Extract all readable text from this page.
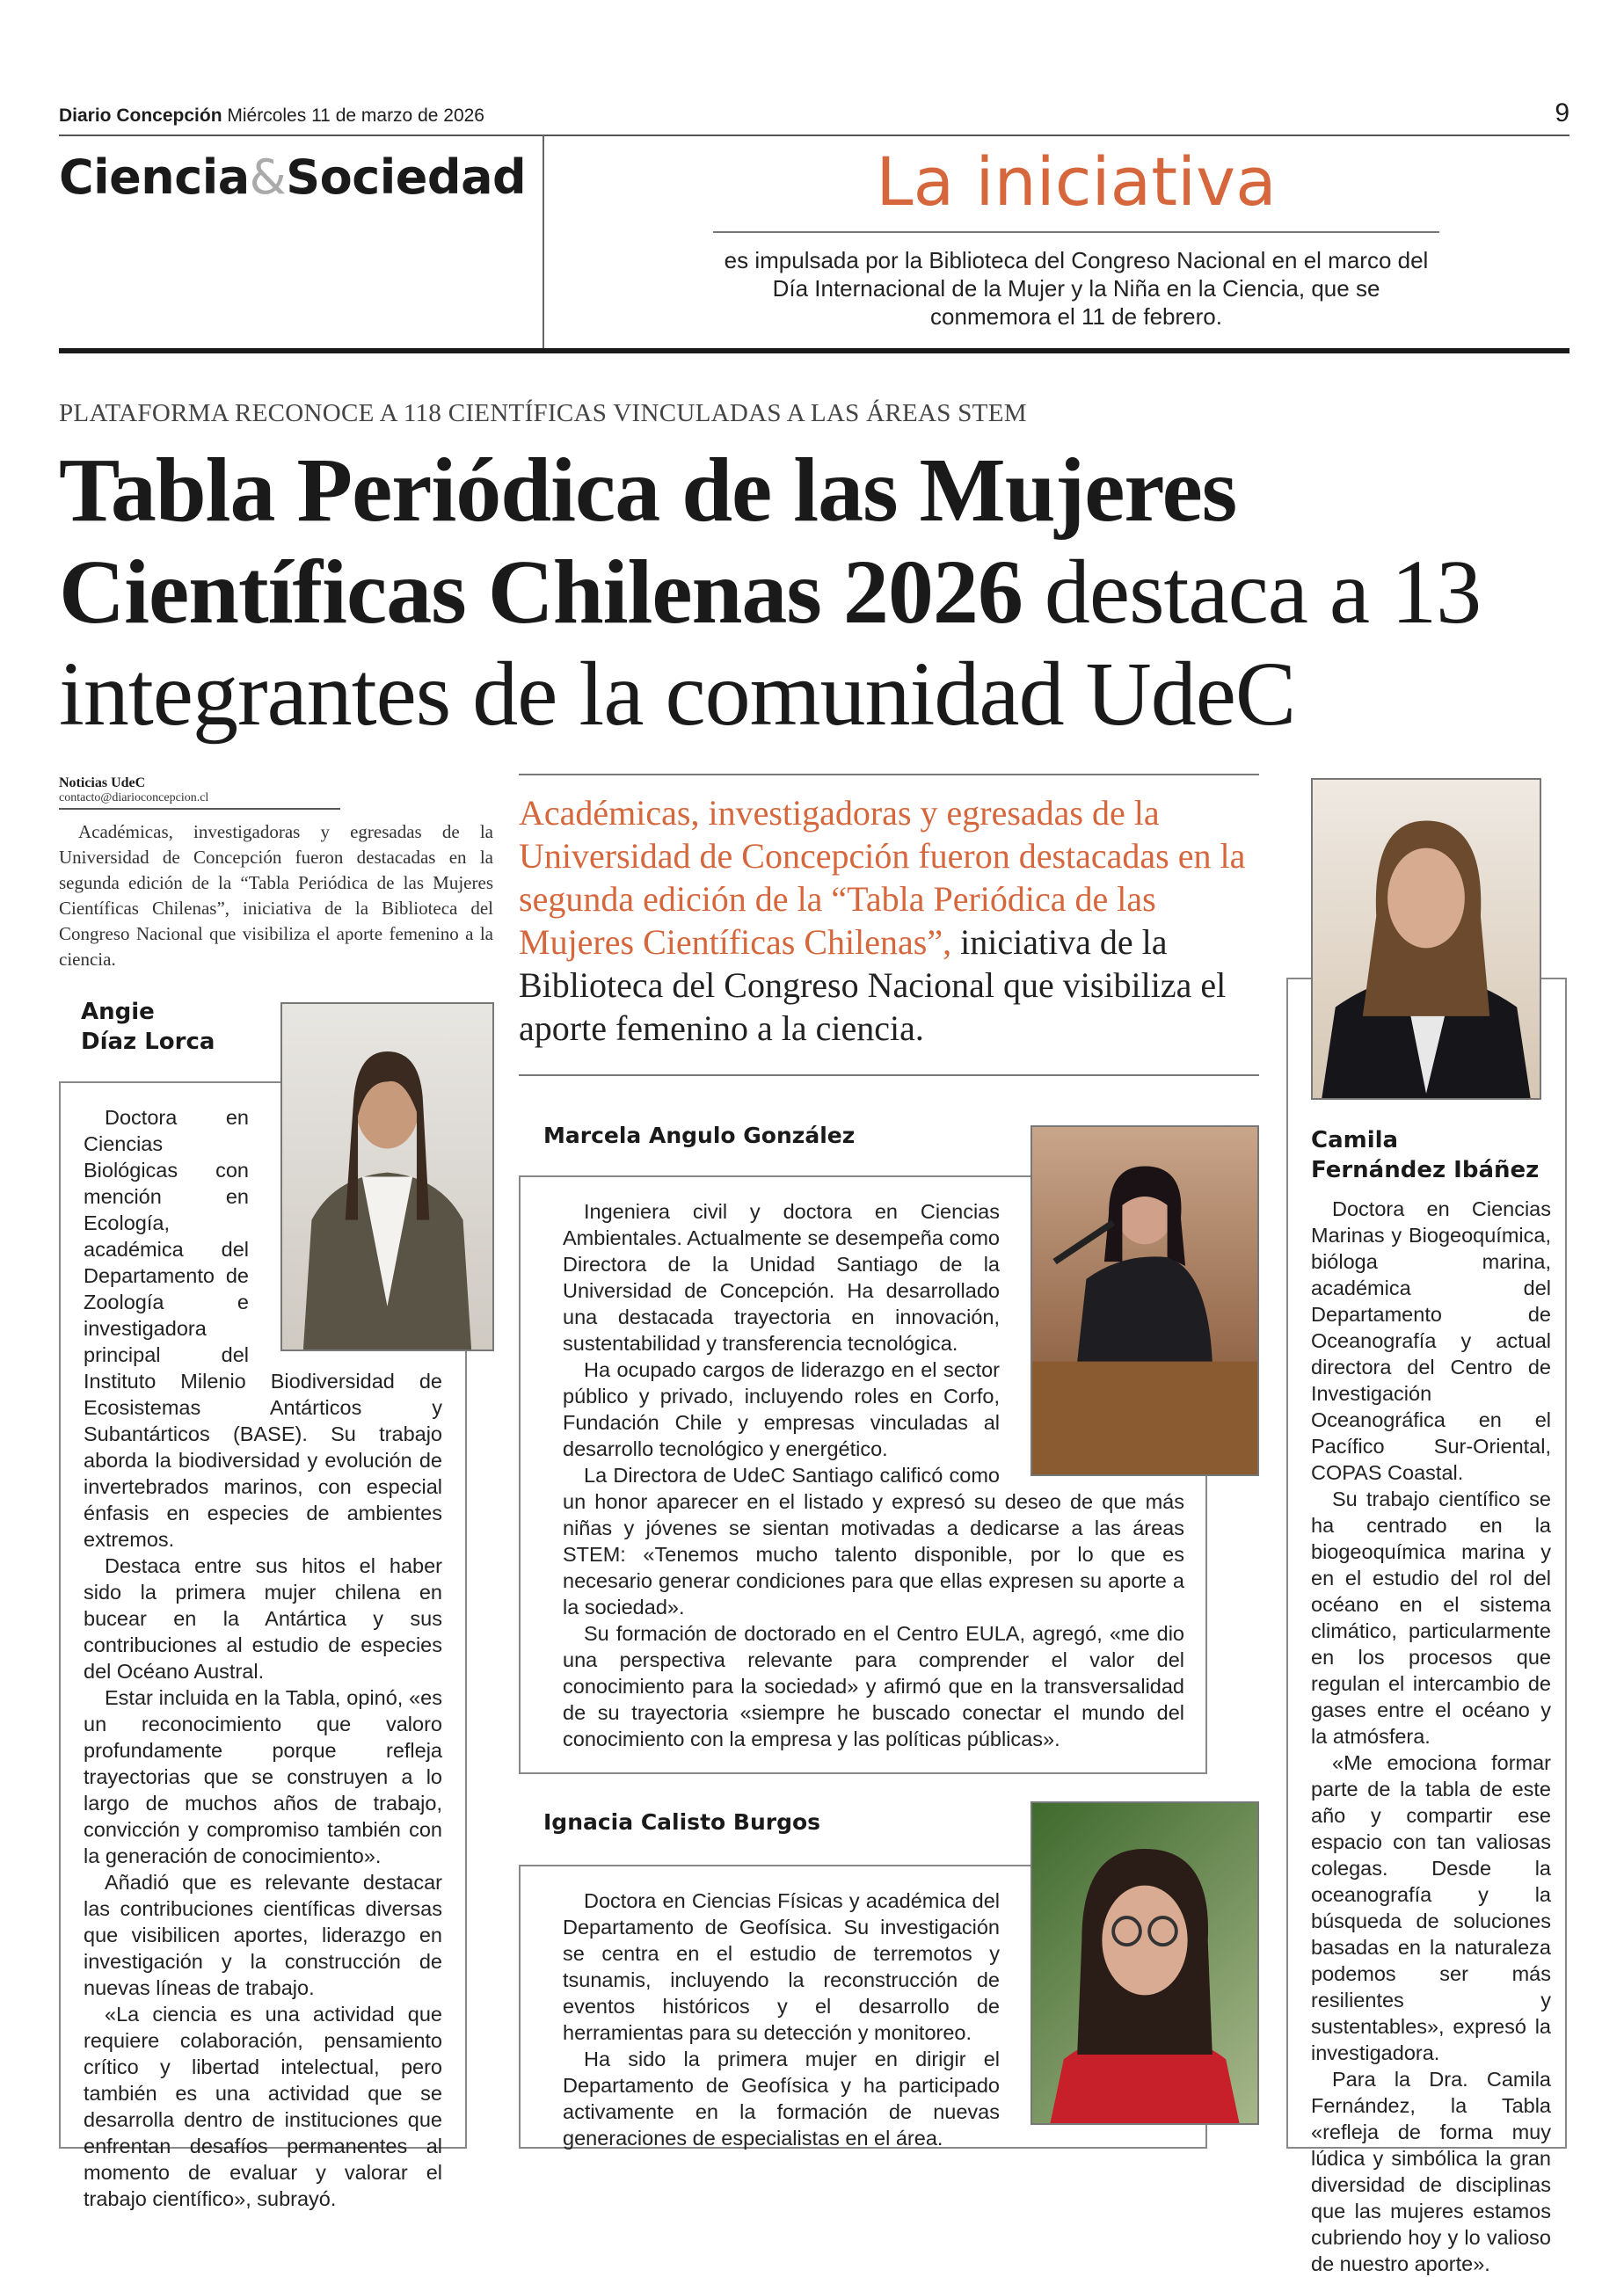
Diario Concepción Miércoles 11 de marzo de 2026	9
Ciencia&Sociedad	La iniciativa
es impulsada por la Biblioteca del Congreso Nacional en el marco del Día Internacional de la Mujer y la Niña en la Ciencia, que se conmemora el 11 de febrero.
PLATAFORMA RECONOCE A 118 CIENTÍFICAS VINCULADAS A LAS ÁREAS STEM
Tabla Periódica de las Mujeres Científicas Chilenas 2026 destaca a 13 integrantes de la comunidad UdeC
Noticias UdeC
contacto@diarioconcepcion.cl
Académicas, investigadoras y egresadas de la Universidad de Concepción fueron destacadas en la segunda edición de la “Tabla Periódica de las Mujeres Científicas Chilenas”, iniciativa de la Biblioteca del Congreso Nacional que visibiliza el aporte femenino a la ciencia.
Académicas, investigadoras y egresadas de la Universidad de Concepción fueron destacadas en la segunda edición de la “Tabla Periódica de las Mujeres Científicas Chilenas”, iniciativa de la Biblioteca del Congreso Nacional que visibiliza el aporte femenino a la ciencia.
Angie
Díaz Lorca

Doctora en Ciencias Biológicas con mención en Ecología, académica del Departamento de Zoología e investigadora principal del Instituto Milenio Biodiversidad de Ecosistemas Antárticos y Subantárticos (BASE). Su trabajo aborda la biodiversidad y evolución de invertebrados marinos, con especial énfasis en especies de ambientes extremos.

Destaca entre sus hitos el haber sido la primera mujer chilena en bucear en la Antártica y sus contribuciones al estudio de especies del Océano Austral.

Estar incluida en la Tabla, opinó, «es un reconocimiento que valoro profundamente porque refleja trayectorias que se construyen a lo largo de muchos años de trabajo, convicción y compromiso también con la generación de conocimiento».

Añadió que es relevante destacar las contribuciones científicas diversas que visibilicen aportes, liderazgo en investigación y la construcción de nuevas líneas de trabajo.

«La ciencia es una actividad que requiere colaboración, pensamiento crítico y libertad intelectual, pero también es una actividad que se desarrolla dentro de instituciones que enfrentan desafíos permanentes al momento de evaluar y valorar el trabajo científico», subrayó.

Marcela Angulo González

Ingeniera civil y doctora en Ciencias Ambientales. Actualmente se desempeña como Directora de la Unidad Santiago de la Universidad de Concepción. Ha desarrollado una destacada trayectoria en innovación, sustentabilidad y transferencia tecnológica.

Ha ocupado cargos de liderazgo en el sector público y privado, incluyendo roles en Corfo, Fundación Chile y empresas vinculadas al desarrollo tecnológico y energético.

La Directora de UdeC Santiago calificó como un honor aparecer en el listado y expresó su deseo de que más niñas y jóvenes se sientan motivadas a dedicarse a las áreas STEM: «Tenemos mucho talento disponible, por lo que es necesario generar condiciones para que ellas expresen su aporte a la sociedad».

Su formación de doctorado en el Centro EULA, agregó, «me dio una perspectiva relevante para comprender el valor del conocimiento para la sociedad» y afirmó que en la transversalidad de su trayectoria «siempre he buscado conectar el mundo del conocimiento con la empresa y las políticas públicas».

Ignacia Calisto Burgos

Doctora en Ciencias Físicas y académica del Departamento de Geofísica. Su investigación se centra en el estudio de terremotos y tsunamis, incluyendo la reconstrucción de eventos históricos y el desarrollo de herramientas para su detección y monitoreo.

Ha sido la primera mujer en dirigir el Departamento de Geofísica y ha participado activamente en la formación de nuevas generaciones de especialistas en el área.

Camila
Fernández Ibáñez

Doctora en Ciencias Marinas y Biogeoquímica, bióloga marina, académica del Departamento de Oceanografía y actual directora del Centro de Investigación Oceanográfica en el Pacífico Sur-Oriental, COPAS Coastal.

Su trabajo científico se ha centrado en la biogeoquímica marina y en el estudio del rol del océano en el sistema climático, particularmente en los procesos que regulan el intercambio de gases entre el océano y la atmósfera.

«Me emociona formar parte de la tabla de este año y compartir ese espacio con tan valiosas colegas. Desde la oceanografía y la búsqueda de soluciones basadas en la naturaleza podemos ser más resilientes y sustentables», expresó la investigadora.

Para la Dra. Camila Fernández, la Tabla «refleja de forma muy lúdica y simbólica la gran diversidad de disciplinas que las mujeres estamos cubriendo hoy y lo valioso de nuestro aporte».
